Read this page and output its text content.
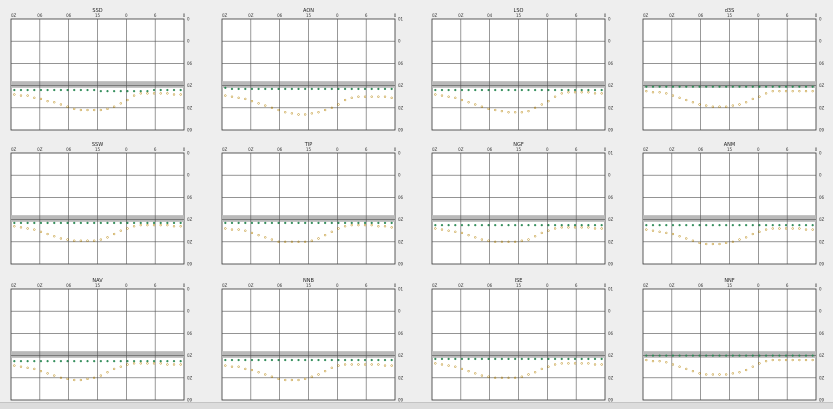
SSD
0Z	06	06	15	0	6	0
0
0
06
0Z
0Z
09
AON
0Z	0Z	06	15	0	6	0
01
0
06
0Z
0Z
09
LSO
0Z	0Z	04	15	0	6	0
0
0
06
0Z
0Z
09
d3S
0Z	0Z	06	15	0	6	0
0
0
06
0Z
0Z
09
SSW
0Z	0Z	06	15	0	6	0
0
0
06
0Z
0Z
09
TIP
0Z	0Z	06	15	0	6	0
0
0
06
0Z
0Z
09
NGF
0Z	0Z	06	15	0	6	0
01
0
06
0Z
0Z
09
ANM
0Z	0Z	06	15	0	6	0
0
0
06
0Z
0Z
09
NAV
0Z	0Z	06	15	0	6	0
0
0
06
0Z
0Z
09
NNB
0Z	0Z	06	15	0	6	0
01
0
06
0Z
0Z
09
ISE
0Z	0Z	06	15	0	6	0
01
0
06
0Z
0Z
09
NNF
0Z	0Z	06	15	0	6	0
0
0
06
0Z
0Z
09
